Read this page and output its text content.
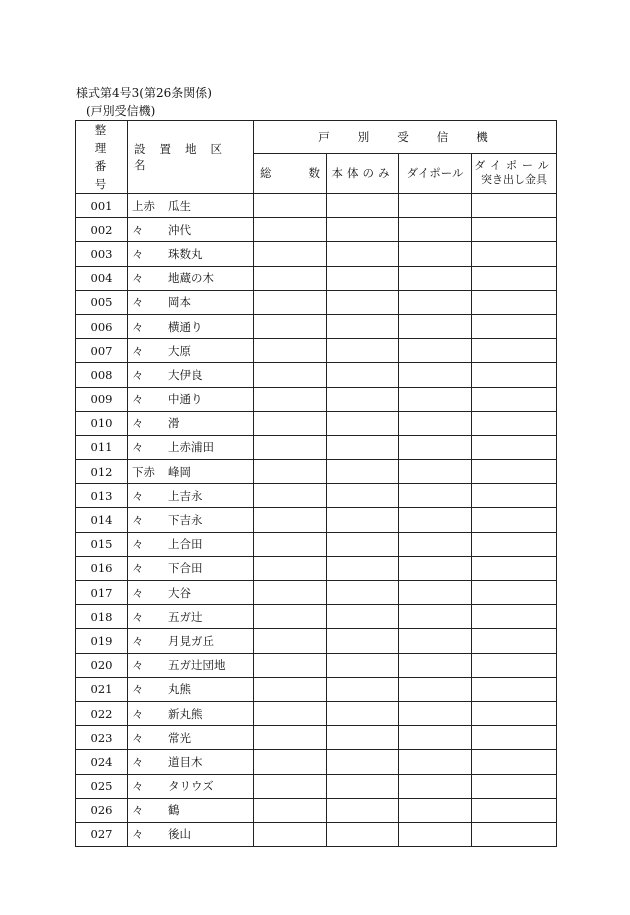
様式第4号3(第26条関係)
(戸別受信機)
整 理
番 号	設置地区名	戸別受信機			

		総 数	本体のみ	ダイポール	ダイポール
突き出し金具
001	上赤 瓜生				
002	々 沖代				
003	々 珠数丸				
004	々 地蔵の木				
005	々 岡本				
006	々 横通り				
007	々 大原				
008	々 大伊良				
009	々 中通り				
010	々 滑				
011	々 上赤浦田				
012	下赤 峰岡				
013	々 上吉永				
014	々 下吉永				
015	々 上合田				
016	々 下合田				
017	々 大谷				
018	々 五ガ辻				
019	々 月見ガ丘				
020	々 五ガ辻団地				
021	々 丸熊				
022	々 新丸熊				
023	々 常光				
024	々 道目木				
025	々 タリウズ				
026	々 鶴				
027	々 後山				
